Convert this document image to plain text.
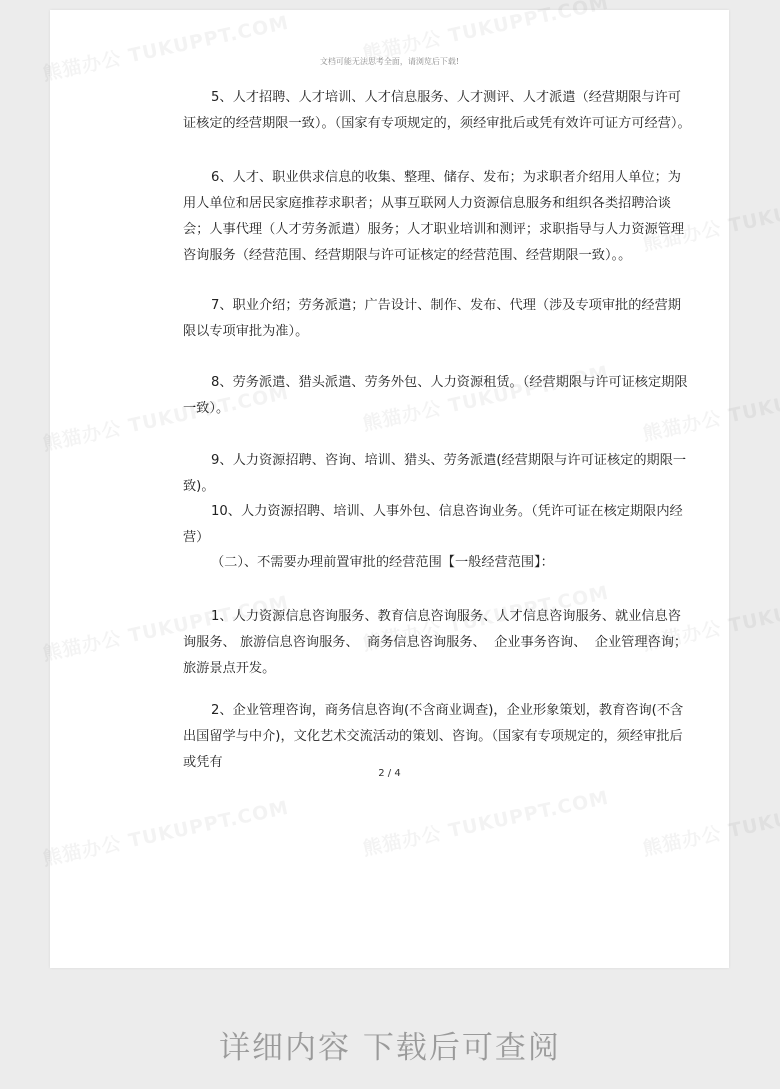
文档可能无法思考全面，请浏览后下载!

5、人才招聘、人才培训、人才信息服务、人才测评、人才派遣（经营期限与许可证核定的经营期限一致）。（国家有专项规定的，须经审批后或凭有效许可证方可经营）。

6、人才、职业供求信息的收集、整理、储存、发布；为求职者介绍用人单位；为用人单位和居民家庭推荐求职者；从事互联网人力资源信息服务和组织各类招聘洽谈会；人事代理（人才劳务派遣）服务；人才职业培训和测评；求职指导与人力资源管理咨询服务（经营范围、经营期限与许可证核定的经营范围、经营期限一致）。。

7、职业介绍；劳务派遣；广告设计、制作、发布、代理（涉及专项审批的经营期限以专项审批为准）。

8、劳务派遣、猎头派遣、劳务外包、人力资源租赁。（经营期限与许可证核定期限一致）。

9、人力资源招聘、咨询、培训、猎头、劳务派遣(经营期限与许可证核定的期限一致)。

10、人力资源招聘、培训、人事外包、信息咨询业务。（凭许可证在核定期限内经营）

（二）、不需要办理前置审批的经营范围【一般经营范围】：

1、人力资源信息咨询服务、教育信息咨询服务、人才信息咨询服务、就业信息咨询服务、 旅游信息咨询服务、  商务信息咨询服务、  企业事务咨询、  企业管理咨询；旅游景点开发。

2、企业管理咨询，商务信息咨询(不含商业调查)，企业形象策划，教育咨询(不含出国留学与中介)，文化艺术交流活动的策划、咨询。（国家有专项规定的，须经审批后或凭有

2 / 4

详细内容 下载后可查阅
